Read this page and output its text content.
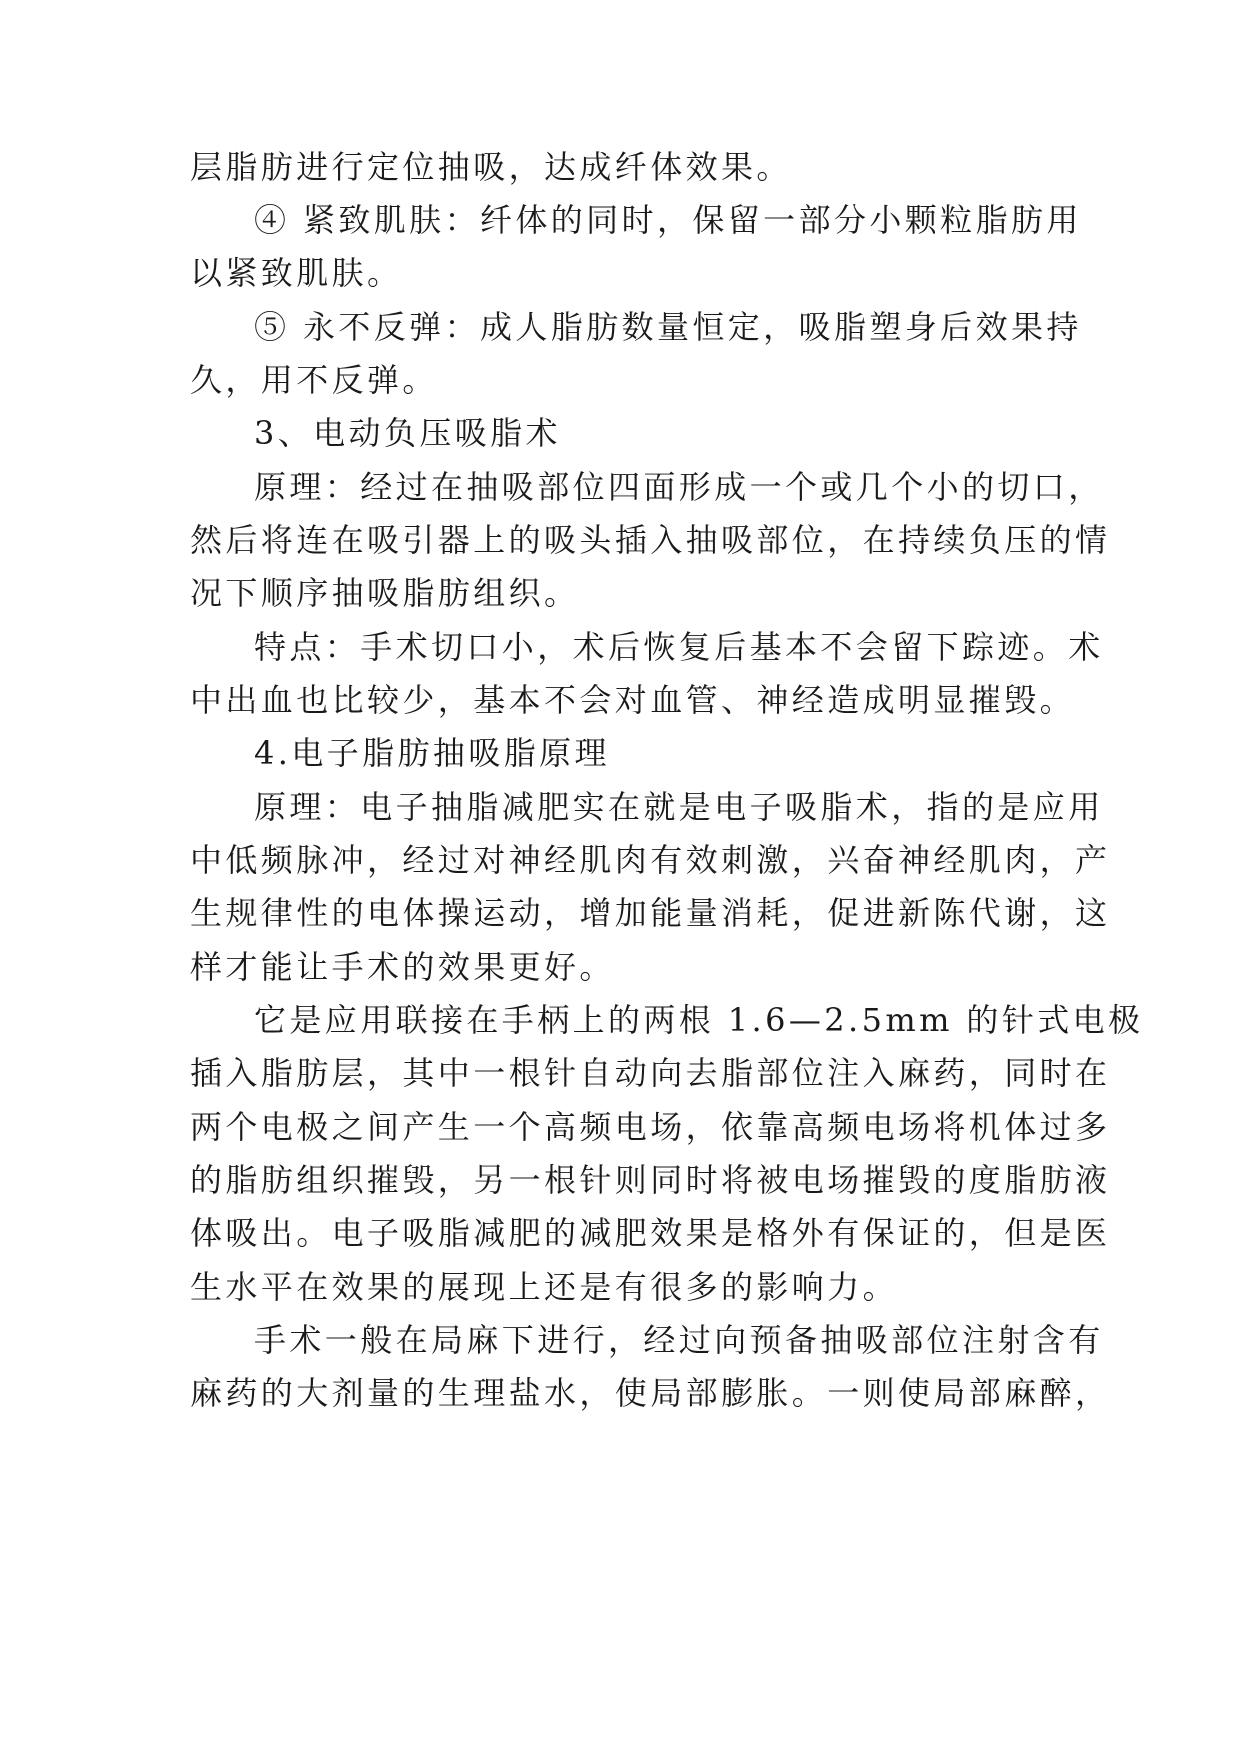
层脂肪进行定位抽吸，达成纤体效果。
④ 紧致肌肤：纤体的同时，保留一部分小颗粒脂肪用
以紧致肌肤。
⑤ 永不反弹：成人脂肪数量恒定，吸脂塑身后效果持
久，用不反弹。
3、电动负压吸脂术
原理：经过在抽吸部位四面形成一个或几个小的切口，
然后将连在吸引器上的吸头插入抽吸部位，在持续负压的情
况下顺序抽吸脂肪组织。
特点：手术切口小，术后恢复后基本不会留下踪迹。术
中出血也比较少，基本不会对血管、神经造成明显摧毁。
4.电子脂肪抽吸脂原理
原理：电子抽脂减肥实在就是电子吸脂术，指的是应用
中低频脉冲，经过对神经肌肉有效刺激，兴奋神经肌肉，产
生规律性的电体操运动，增加能量消耗，促进新陈代谢，这
样才能让手术的效果更好。
它是应用联接在手柄上的两根 1.6—2.5mm 的针式电极
插入脂肪层，其中一根针自动向去脂部位注入麻药，同时在
两个电极之间产生一个高频电场，依靠高频电场将机体过多
的脂肪组织摧毁，另一根针则同时将被电场摧毁的度脂肪液
体吸出。电子吸脂减肥的减肥效果是格外有保证的，但是医
生水平在效果的展现上还是有很多的影响力。
手术一般在局麻下进行，经过向预备抽吸部位注射含有
麻药的大剂量的生理盐水，使局部膨胀。一则使局部麻醉，
